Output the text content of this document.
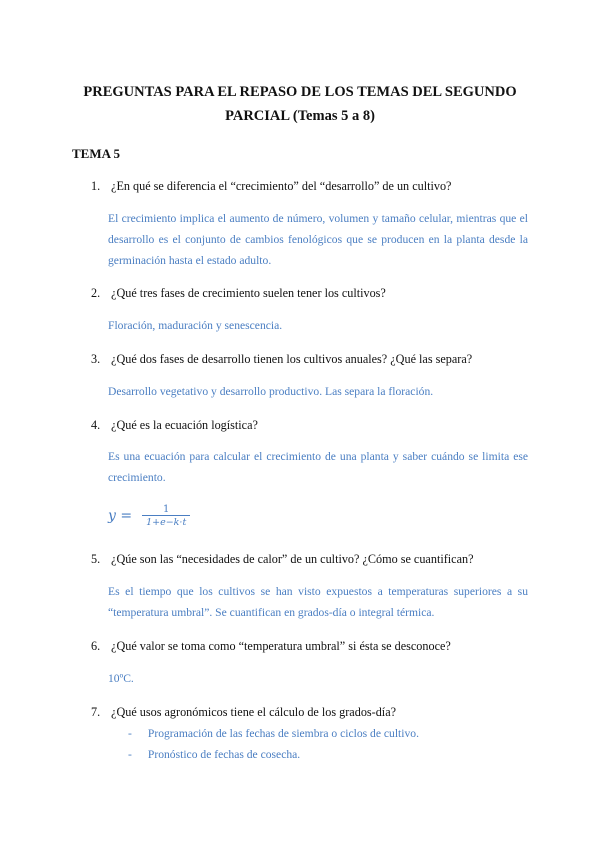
PREGUNTAS PARA EL REPASO DE LOS TEMAS DEL SEGUNDO
PARCIAL (Temas 5 a 8)
TEMA 5
1. ¿En qué se diferencia el “crecimiento” del “desarrollo” de un cultivo?
El crecimiento implica el aumento de número, volumen y tamaño celular, mientras que el desarrollo es el conjunto de cambios fenológicos que se producen en la planta desde la germinación hasta el estado adulto.
2. ¿Qué tres fases de crecimiento suelen tener los cultivos?
Floración, maduración y senescencia.
3. ¿Qué dos fases de desarrollo tienen los cultivos anuales? ¿Qué las separa?
Desarrollo vegetativo y desarrollo productivo. Las separa la floración.
4. ¿Qué es la ecuación logística?
Es una ecuación para calcular el crecimiento de una planta y saber cuándo se limita ese crecimiento.
$y = \frac{1}{1+e-k\cdot t}$
5. ¿Qúe son las “necesidades de calor” de un cultivo? ¿Cómo se cuantifican?
Es el tiempo que los cultivos se han visto expuestos a temperaturas superiores a su “temperatura umbral”. Se cuantifican en grados-día o integral térmica.
6. ¿Qué valor se toma como “temperatura umbral” si ésta se desconoce?
10ºC.
7. ¿Qué usos agronómicos tiene el cálculo de los grados-día?
- Programación de las fechas de siembra o ciclos de cultivo.
- Pronóstico de fechas de cosecha.
